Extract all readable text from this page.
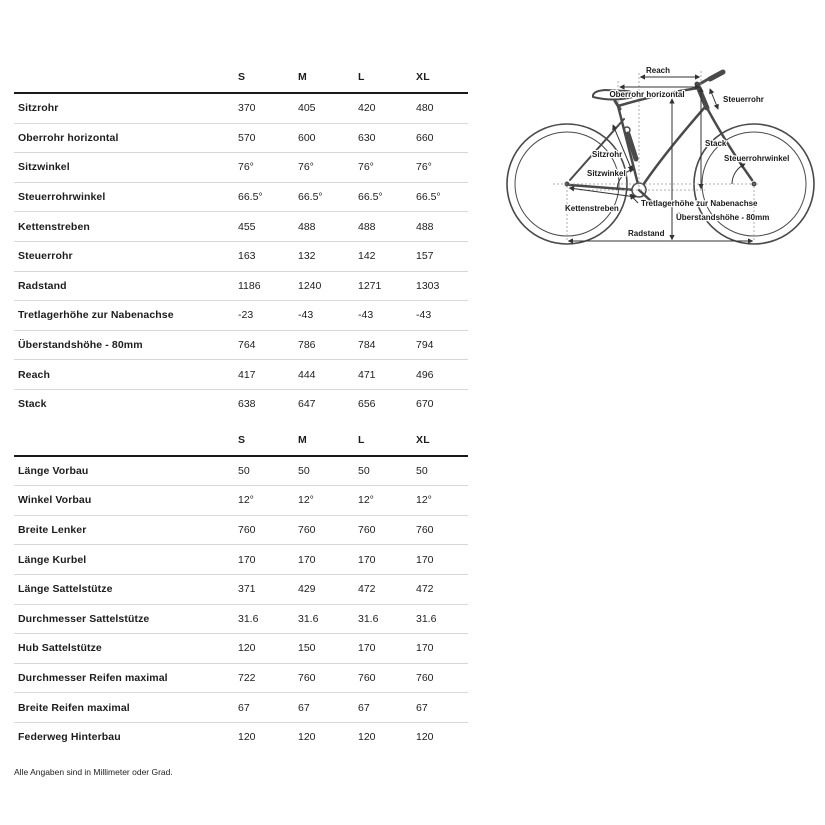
S	M	L	XL
Sitzrohr	370	405	420	480
Oberrohr horizontal	570	600	630	660
Sitzwinkel	76°	76°	76°	76°
Steuerrohrwinkel	66.5°	66.5°	66.5°	66.5°
Kettenstreben	455	488	488	488
Steuerrohr	163	132	142	157
Radstand	1186	1240	1271	1303
Tretlagerhöhe zur Nabenachse	-23	-43	-43	-43
Überstandshöhe - 80mm	764	786	784	794
Reach	417	444	471	496
Stack	638	647	656	670
S	M	L	XL
Länge Vorbau	50	50	50	50
Winkel Vorbau	12°	12°	12°	12°
Breite Lenker	760	760	760	760
Länge Kurbel	170	170	170	170
Länge Sattelstütze	371	429	472	472
Durchmesser Sattelstütze	31.6	31.6	31.6	31.6
Hub Sattelstütze	120	150	170	170
Durchmesser Reifen maximal	722	760	760	760
Breite Reifen maximal	67	67	67	67
Federweg Hinterbau	120	120	120	120
Alle Angaben sind in Millimeter oder Grad.
Reach
Oberrohr horizontal
Steuerrohr
Stack
Steuerrohrwinkel
Sitzrohr
Sitzwinkel
Kettenstreben
Tretlagerhöhe zur Nabenachse
Überstandshöhe - 80mm
Radstand
